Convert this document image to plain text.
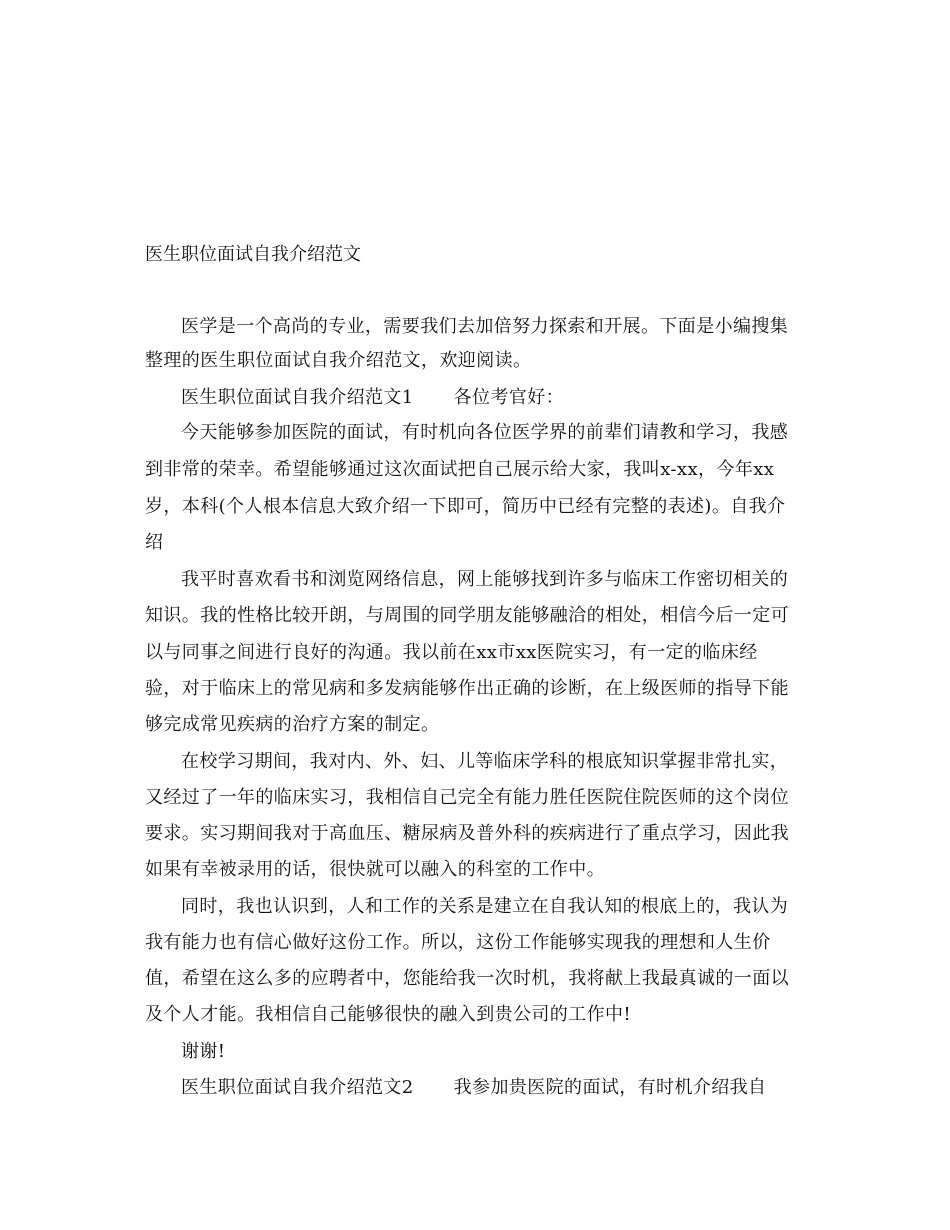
医生职位面试自我介绍范文
医学是一个高尚的专业，需要我们去加倍努力探索和开展。下面是小编搜集
整理的医生职位面试自我介绍范文，欢迎阅读。
医生职位面试自我介绍范文1 各位考官好：
今天能够参加医院的面试，有时机向各位医学界的前辈们请教和学习，我感
到非常的荣幸。希望能够通过这次面试把自己展示给大家，我叫x-xx，今年xx
岁，本科(个人根本信息大致介绍一下即可，简历中已经有完整的表述)。自我介
绍
我平时喜欢看书和浏览网络信息，网上能够找到许多与临床工作密切相关的
知识。我的性格比较开朗，与周围的同学朋友能够融洽的相处，相信今后一定可
以与同事之间进行良好的沟通。我以前在xx市xx医院实习，有一定的临床经
验，对于临床上的常见病和多发病能够作出正确的诊断，在上级医师的指导下能
够完成常见疾病的治疗方案的制定。
在校学习期间，我对内、外、妇、儿等临床学科的根底知识掌握非常扎实，
又经过了一年的临床实习，我相信自己完全有能力胜任医院住院医师的这个岗位
要求。实习期间我对于高血压、糖尿病及普外科的疾病进行了重点学习，因此我
如果有幸被录用的话，很快就可以融入的科室的工作中。
同时，我也认识到，人和工作的关系是建立在自我认知的根底上的，我认为
我有能力也有信心做好这份工作。所以，这份工作能够实现我的理想和人生价
值，希望在这么多的应聘者中，您能给我一次时机，我将献上我最真诚的一面以
及个人才能。我相信自己能够很快的融入到贵公司的工作中!
谢谢!
医生职位面试自我介绍范文2 我参加贵医院的面试，有时机介绍我自
